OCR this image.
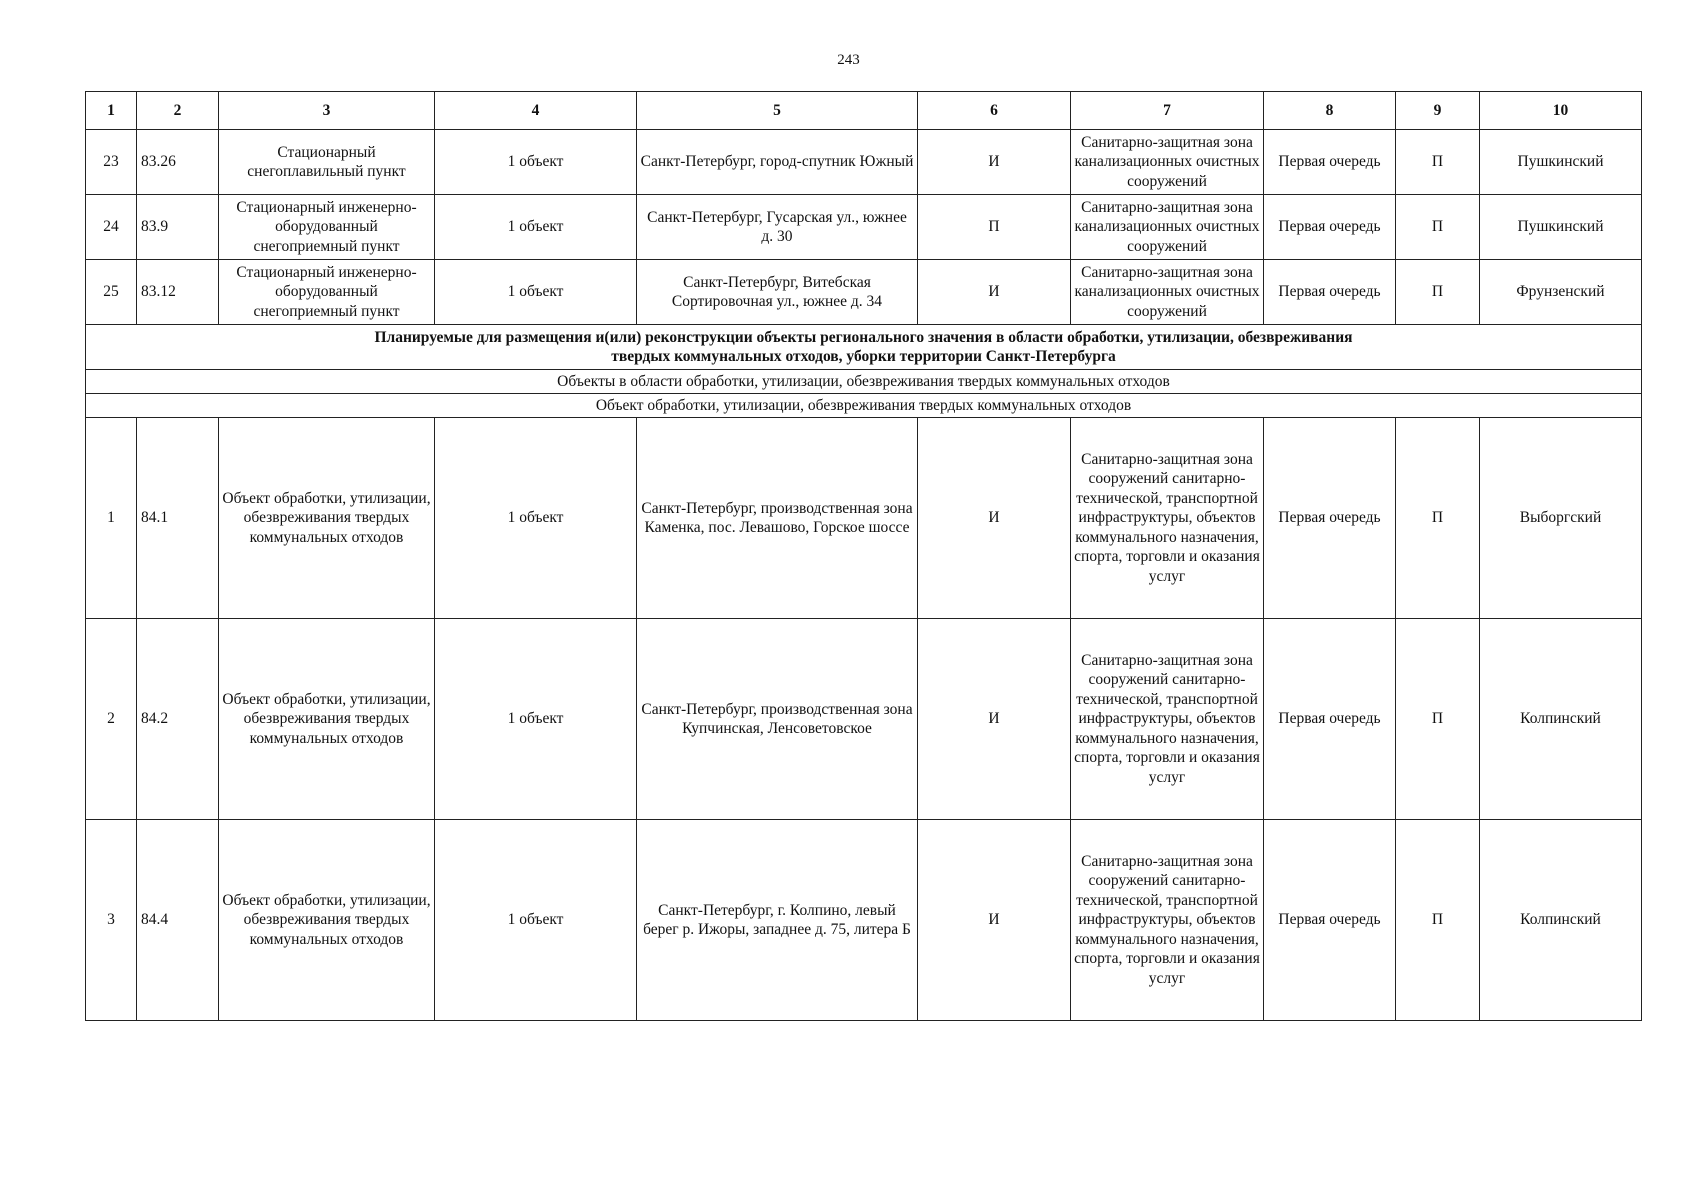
243
1	2	3	4	5	6	7	8	9	10
23	83.26	Стационарный снегоплавильный пункт	1 объект	Санкт-Петербург, город-спутник Южный	И	Санитарно-защитная зона канализационных очистных сооружений	Первая очередь	П	Пушкинский
24	83.9	Стационарный инженерно-оборудованный снегоприемный пункт	1 объект	Санкт-Петербург, Гусарская ул., южнее д. 30	П	Санитарно-защитная зона канализационных очистных сооружений	Первая очередь	П	Пушкинский
25	83.12	Стационарный инженерно-оборудованный снегоприемный пункт	1 объект	Санкт-Петербург, Витебская Сортировочная ул., южнее д. 34	И	Санитарно-защитная зона канализационных очистных сооружений	Первая очередь	П	Фрунзенский
Планируемые для размещения и(или) реконструкции объекты регионального значения в области обработки, утилизации, обезвреживания
твердых коммунальных отходов, уборки территории Санкт-Петербурга									
Объекты в области обработки, утилизации, обезвреживания твердых коммунальных отходов									
Объект обработки, утилизации, обезвреживания твердых коммунальных отходов									
1	84.1	Объект обработки, утилизации, обезвреживания твердых коммунальных отходов	1 объект	Санкт-Петербург, производственная зона Каменка, пос. Левашово, Горское шоссе	И	Санитарно-защитная зона сооружений санитарно-технической, транспортной инфраструктуры, объектов коммунального назначения, спорта, торговли и оказания услуг	Первая очередь	П	Выборгский
2	84.2	Объект обработки, утилизации, обезвреживания твердых коммунальных отходов	1 объект	Санкт-Петербург, производственная зона Купчинская, Ленсоветовское	И	Санитарно-защитная зона сооружений санитарно-технической, транспортной инфраструктуры, объектов коммунального назначения, спорта, торговли и оказания услуг	Первая очередь	П	Колпинский
3	84.4	Объект обработки, утилизации, обезвреживания твердых коммунальных отходов	1 объект	Санкт-Петербург, г. Колпино, левый берег р. Ижоры, западнее д. 75, литера Б	И	Санитарно-защитная зона сооружений санитарно-технической, транспортной инфраструктуры, объектов коммунального назначения, спорта, торговли и оказания услуг	Первая очередь	П	Колпинский
